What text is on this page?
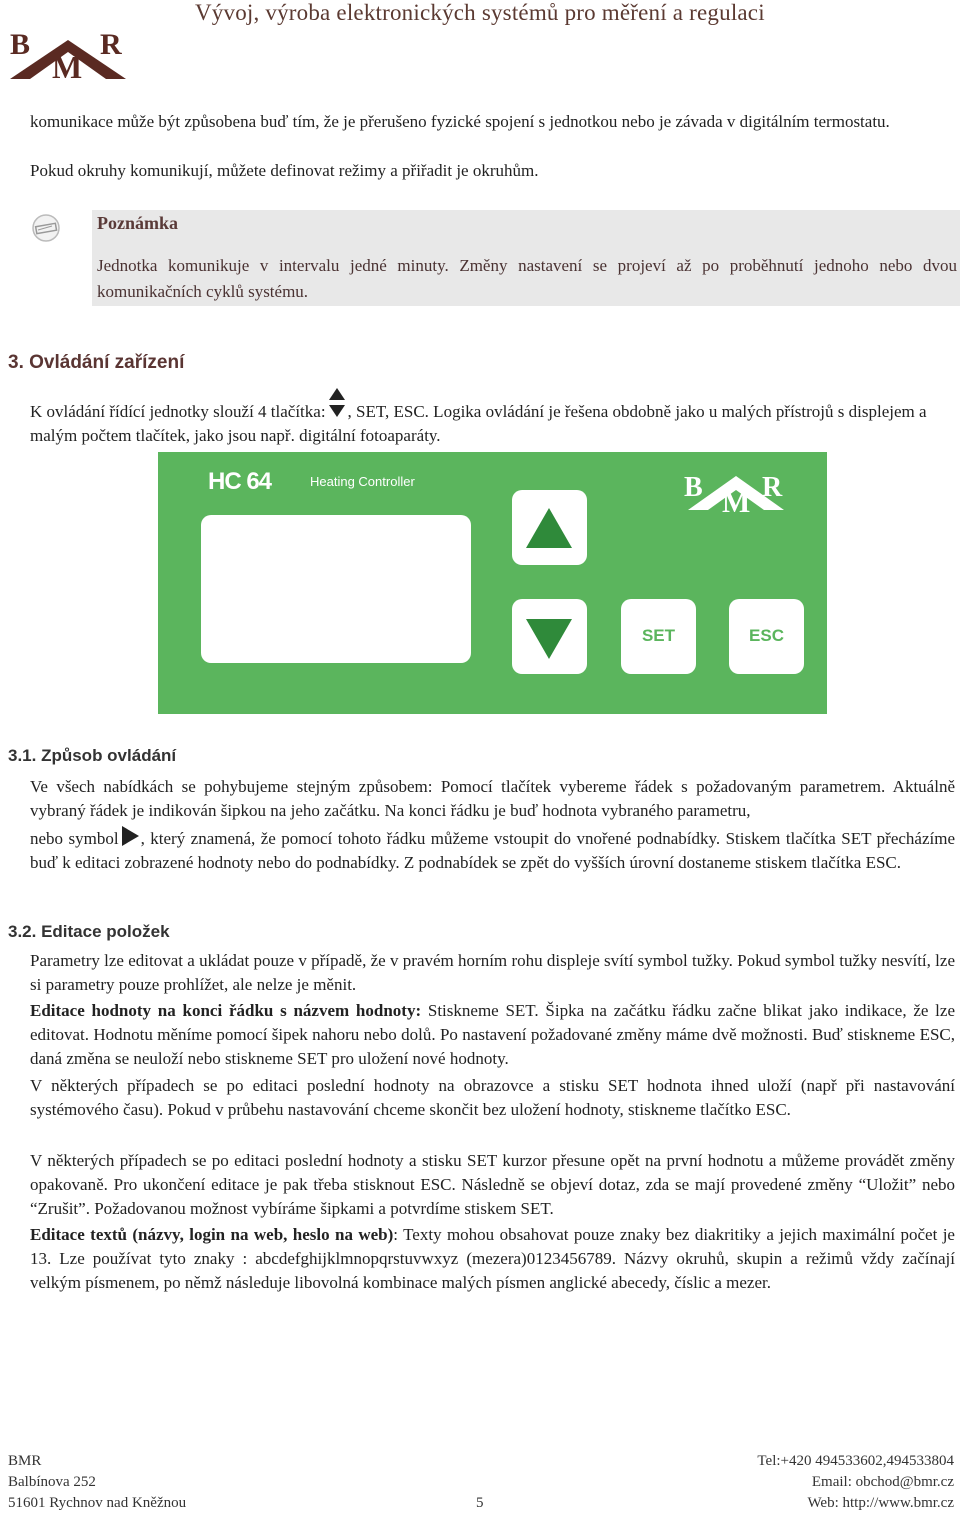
Vývoj, výroba elektronických systémů pro měření a regulaci
B
M
R

komunikace může být způsobena buď tím, že je přerušeno fyzické spojení s jednotkou nebo je závada v digitálním termostatu.

Pokud okruhy komunikují, můžete definovat režimy a přiřadit je okruhům.

Poznámka

Jednotka komunikuje v intervalu jedné minuty. Změny nastavení se projeví až po proběhnutí jednoho nebo dvou komunikačních cyklů systému.

3. Ovládání zařízení
K ovládání řídící jednotky slouží 4 tlačítka: , SET, ESC. Logika ovládání je řešena obdobně jako u malých přístrojů s displejem a malým počtem tlačítek, jako jsou např. digitální fotoaparáty.
HC 64	Heating Controller	B M R
SET	ESC
3.1. Způsob ovládání

Ve všech nabídkách se pohybujeme stejným způsobem: Pomocí tlačítek vybereme řádek s požadovaným parametrem. Aktuálně vybraný řádek je indikován šipkou na jeho začátku. Na konci řádku je buď hodnota vybraného parametru,

nebo symbol , který znamená, že pomocí tohoto řádku můžeme vstoupit do vnořené podnabídky. Stiskem tlačítka SET přecházíme buď k editaci zobrazené hodnoty nebo do podnabídky. Z podnabídek se zpět do vyšších úrovní dostaneme stiskem tlačítka ESC.
3.2. Editace položek

Parametry lze editovat a ukládat pouze v případě, že v pravém horním rohu displeje svítí symbol tužky. Pokud symbol tužky nesvítí, lze si parametry pouze prohlížet, ale nelze je měnit.

Editace hodnoty na konci řádku s názvem hodnoty: Stiskneme SET. Šipka na začátku řádku začne blikat jako indikace, že lze editovat. Hodnotu měníme pomocí šipek nahoru nebo dolů. Po nastavení požadované změny máme dvě možnosti. Buď stiskneme ESC, daná změna se neuloží nebo stiskneme SET pro uložení nové hodnoty.

V některých případech se po editaci poslední hodnoty na obrazovce a stisku SET hodnota ihned uloží (např při nastavování systémového času). Pokud v průbehu nastavování chceme skončit bez uložení hodnoty, stiskneme tlačítko ESC.

V některých případech se po editaci poslední hodnoty a stisku SET kurzor přesune opět na první hodnotu a můžeme provádět změny opakovaně. Pro ukončení editace je pak třeba stisknout ESC. Následně se objeví dotaz, zda se mají provedené změny “Uložit” nebo “Zrušit”. Požadovanou možnost vybíráme šipkami a potvrdíme stiskem SET.

Editace textů (názvy, login na web, heslo na web): Texty mohou obsahovat pouze znaky bez diakritiky a jejich maximální počet je 13. Lze používat tyto znaky : abcdefghijklmnopqrstuvwxyz (mezera)0123456789. Názvy okruhů, skupin a režimů vždy začínají velkým písmenem, po němž následuje libovolná kombinace malých písmen anglické abecedy, číslic a mezer.

BMR
Balbínova 252
51601 Rychnov nad Kněžnou	5
Tel:+420 494533602,494533804
Email: obchod@bmr.cz
Web: http://www.bmr.cz
